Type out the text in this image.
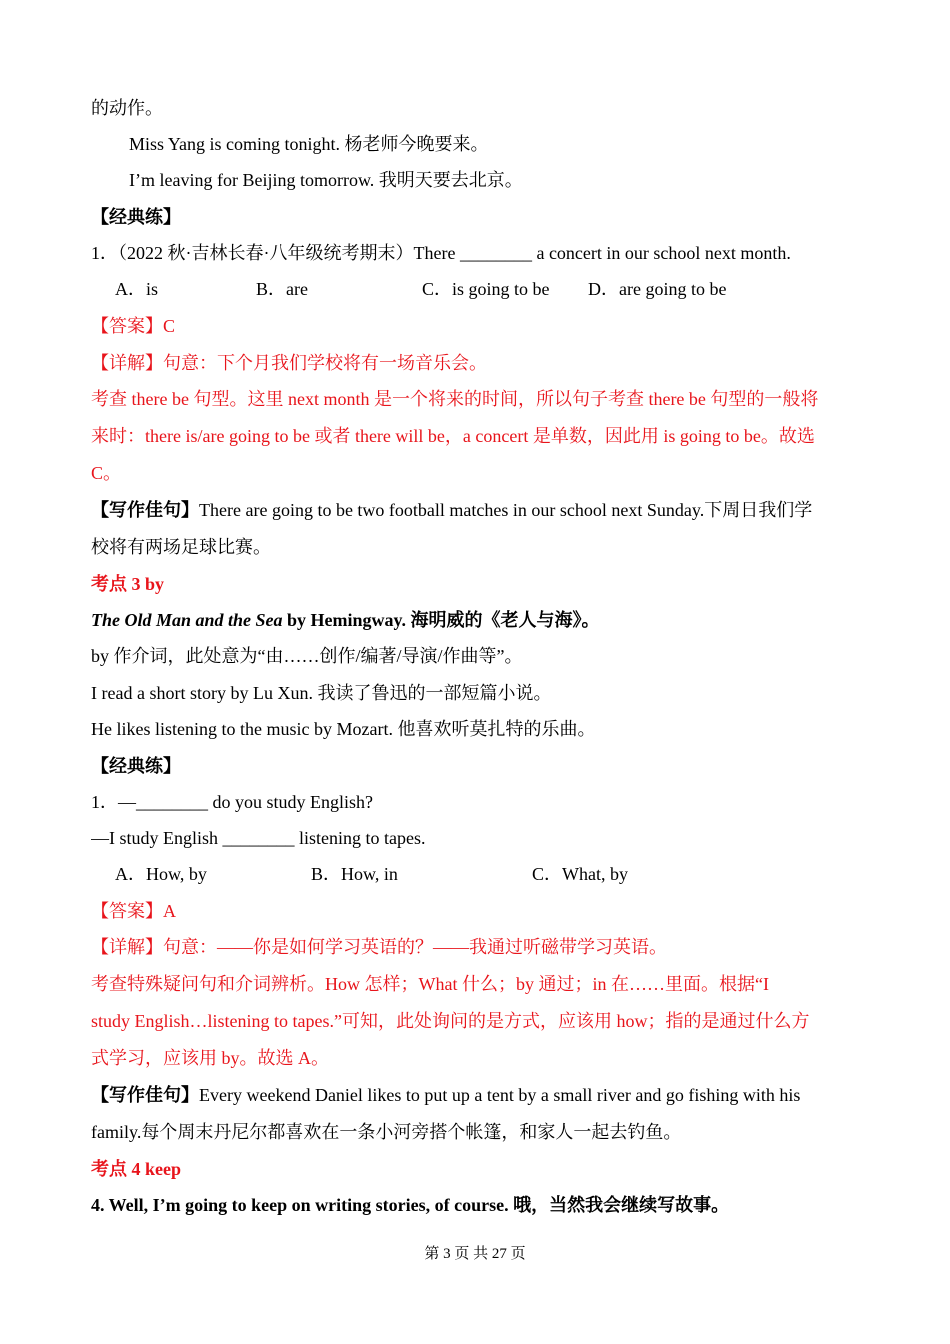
的动作。
Miss Yang is coming tonight. 杨老师今晚要来。
I’m leaving for Beijing tomorrow. 我明天要去北京。
【经典练】
1．（2022 秋·吉林长春·八年级统考期末）There ________ a concert in our school next month.
A．is	B．are	C．is going to be D．are going to be
【答案】C
【详解】句意：下个月我们学校将有一场音乐会。
考查 there be 句型。这里 next month 是一个将来的时间，所以句子考查 there be 句型的一般将
来时：there is/are going to be 或者 there will be，a concert 是单数，因此用 is going to be。故选
C。
【写作佳句】There are going to be two football matches in our school next Sunday.下周日我们学
校将有两场足球比赛。
考点 3 by
The Old Man and the Sea by Hemingway. 海明威的《老人与海》。
by 作介词，此处意为“由……创作/编著/导演/作曲等”。
I read a short story by Lu Xun. 我读了鲁迅的一部短篇小说。
He likes listening to the music by Mozart. 他喜欢听莫扎特的乐曲。
【经典练】
1．—________ do you study English?
—I study English ________ listening to tapes.
A．How, by	B．How, in	C．What, by
【答案】A
【详解】句意：——你是如何学习英语的？——我通过听磁带学习英语。
考查特殊疑问句和介词辨析。How 怎样；What 什么；by 通过；in 在……里面。根据“I
study English…listening to tapes.”可知，此处询问的是方式，应该用 how；指的是通过什么方
式学习，应该用 by。故选 A。
【写作佳句】Every weekend Daniel likes to put up a tent by a small river and go fishing with his
family.每个周末丹尼尔都喜欢在一条小河旁搭个帐篷，和家人一起去钓鱼。
考点 4 keep
4. Well, I’m going to keep on writing stories, of course. 哦，当然我会继续写故事。
第 3 页 共 27 页
